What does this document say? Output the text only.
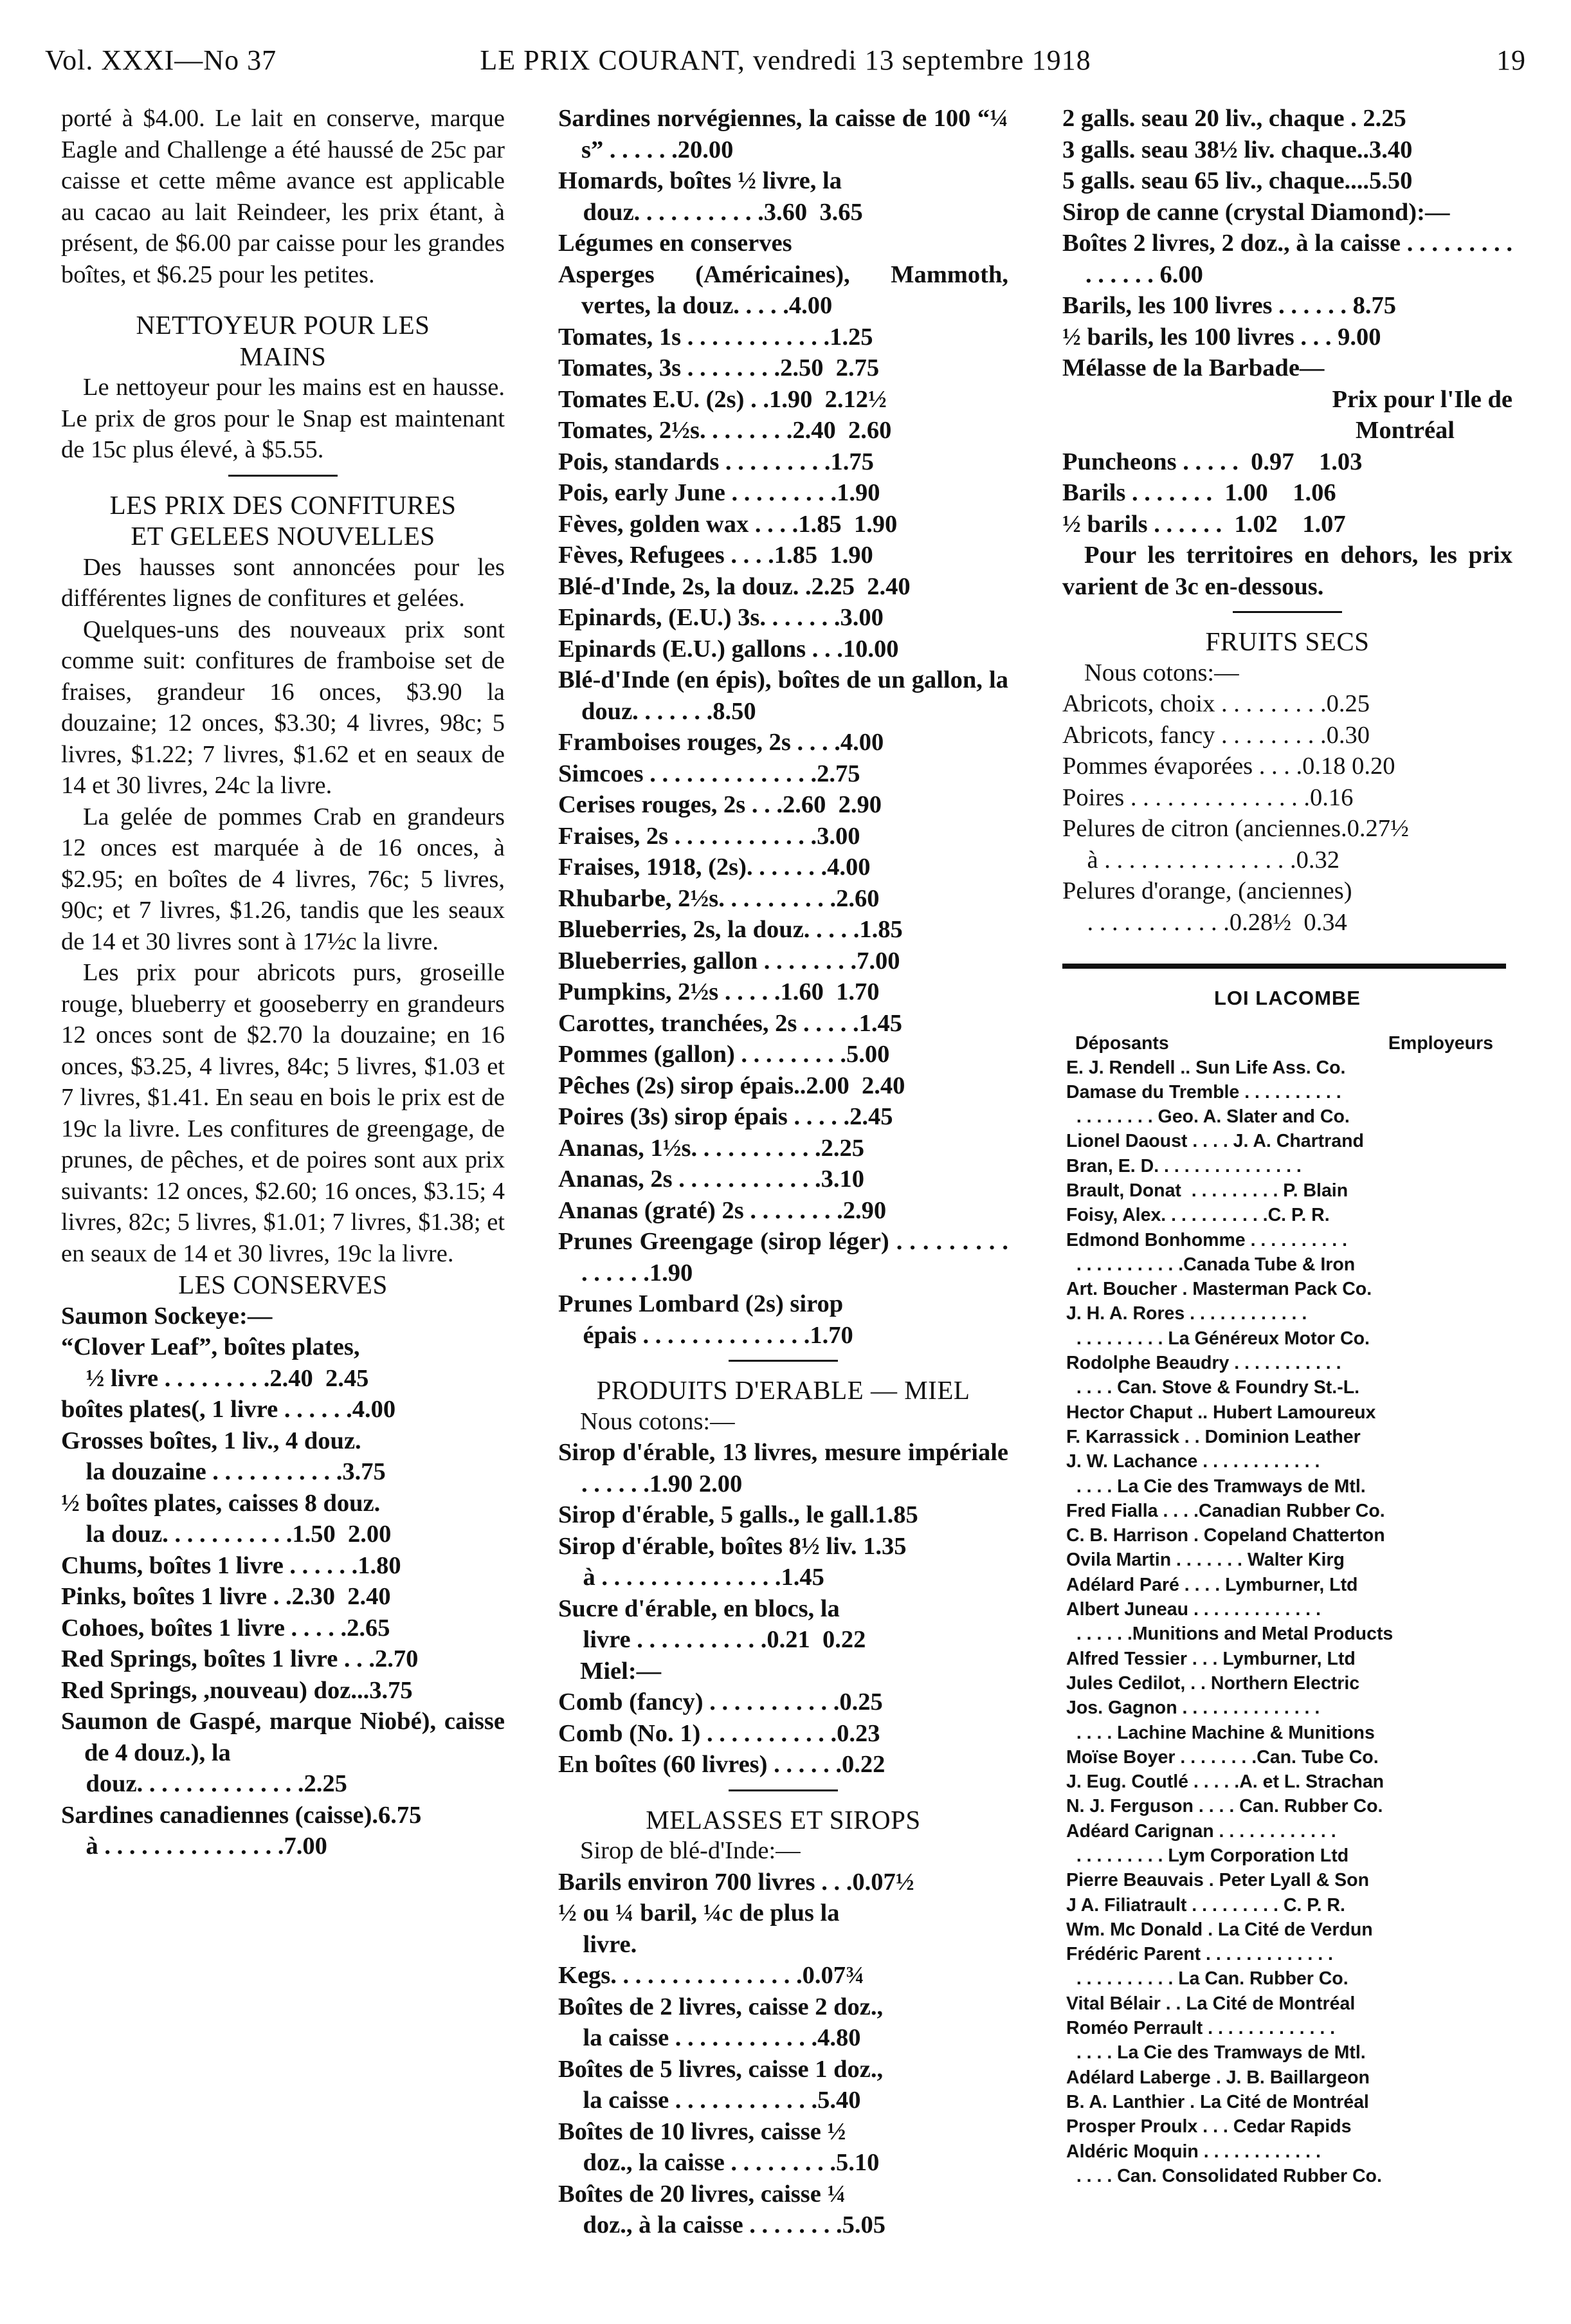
Vol. XXXI—No 37	LE PRIX COURANT, vendredi 13 septembre 1918	19

porté à $4.00. Le lait en conserve, marque Eagle and Challenge a été haussé de 25c par caisse et cette même avance est applicable au cacao au lait Reindeer, les prix étant, à présent, de $6.00 par caisse pour les grandes boîtes, et $6.25 pour les petites.

NETTOYEUR POUR LES

MAINS

Le nettoyeur pour les mains est en hausse. Le prix de gros pour le Snap est maintenant de 15c plus élevé, à $5.55.

LES PRIX DES CONFITURES

ET GELEES NOUVELLES

Des hausses sont annoncées pour les différentes lignes de confitures et gelées.

Quelques-uns des nouveaux prix sont comme suit: confitures de framboise set de fraises, grandeur 16 onces, $3.90 la douzaine; 12 onces, $3.30; 4 livres, 98c; 5 livres, $1.22; 7 livres, $1.62 et en seaux de 14 et 30 livres, 24c la livre.

La gelée de pommes Crab en grandeurs 12 onces est marquée à de 16 onces, à $2.95; en boîtes de 4 livres, 76c; 5 livres, 90c; et 7 livres, $1.26, tandis que les seaux de 14 et 30 livres sont à 17½c la livre.

Les prix pour abricots purs, groseille rouge, blueberry et gooseberry en grandeurs 12 onces sont de $2.70 la douzaine; en 16 onces, $3.25, 4 livres, 84c; 5 livres, $1.03 et 7 livres, $1.41. En seau en bois le prix est de 19c la livre. Les confitures de greengage, de prunes, de pêches, et de poires sont aux prix suivants: 12 onces, $2.60; 16 onces, $3.15; 4 livres, 82c; 5 livres, $1.01; 7 livres, $1.38; et en seaux de 14 et 30 livres, 19c la livre.

LES CONSERVES

Saumon Sockeye:—

“Clover Leaf”, boîtes plates,

½ livre . . . . . . . . .2.40  2.45

boîtes plates(, 1 livre . . . . . .4.00

Grosses boîtes, 1 liv., 4 douz.

la douzaine . . . . . . . . . . .3.75

½ boîtes plates, caisses 8 douz.

la douz. . . . . . . . . . .1.50  2.00

Chums, boîtes 1 livre . . . . . .1.80

Pinks, boîtes 1 livre . .2.30  2.40

Cohoes, boîtes 1 livre . . . . .2.65

Red Springs, boîtes 1 livre . . .2.70

Red Springs, ,nouveau) doz...3.75

Saumon de Gaspé, marque Niobé), caisse de 4 douz.), la

douz. . . . . . . . . . . . . .2.25

Sardines canadiennes (caisse).6.75

à . . . . . . . . . . . . . . .7.00

Sardines norvégiennes, la caisse de 100 “¼ s” . . . . . .20.00

Homards, boîtes ½ livre, la

douz. . . . . . . . . . .3.60  3.65

Légumes en conserves

Asperges (Américaines), Mammoth, vertes, la douz. . . . .4.00

Tomates, 1s . . . . . . . . . . . .1.25

Tomates, 3s . . . . . . . .2.50  2.75

Tomates E.U. (2s) . .1.90  2.12½

Tomates, 2½s. . . . . . . .2.40  2.60

Pois, standards . . . . . . . . .1.75

Pois, early June . . . . . . . . .1.90

Fèves, golden wax . . . .1.85  1.90

Fèves, Refugees . . . .1.85  1.90

Blé-d'Inde, 2s, la douz. .2.25  2.40

Epinards, (E.U.) 3s. . . . . . .3.00

Epinards (E.U.) gallons . . .10.00

Blé-d'Inde (en épis), boîtes de un gallon, la douz. . . . . . .8.50

Framboises rouges, 2s . . . .4.00

Simcoes . . . . . . . . . . . . . .2.75

Cerises rouges, 2s . . .2.60  2.90

Fraises, 2s . . . . . . . . . . . .3.00

Fraises, 1918, (2s). . . . . . .4.00

Rhubarbe, 2½s. . . . . . . . . .2.60

Blueberries, 2s, la douz. . . . .1.85

Blueberries, gallon . . . . . . . .7.00

Pumpkins, 2½s . . . . .1.60  1.70

Carottes, tranchées, 2s . . . . .1.45

Pommes (gallon) . . . . . . . . .5.00

Pêches (2s) sirop épais..2.00  2.40

Poires (3s) sirop épais . . . . .2.45

Ananas, 1½s. . . . . . . . . . .2.25

Ananas, 2s . . . . . . . . . . . .3.10

Ananas (graté) 2s . . . . . . . .2.90

Prunes Greengage (sirop léger) . . . . . . . . . . . . . . .1.90

Prunes Lombard (2s) sirop

épais . . . . . . . . . . . . . .1.70

PRODUITS D'ERABLE — MIEL

Nous cotons:—

Sirop d'érable, 13 livres, mesure impériale . . . . . .1.90 2.00

Sirop d'érable, 5 galls., le gall.1.85

Sirop d'érable, boîtes 8½ liv. 1.35

à . . . . . . . . . . . . . . .1.45

Sucre d'érable, en blocs, la

livre . . . . . . . . . . .0.21  0.22

Miel:—

Comb (fancy) . . . . . . . . . . .0.25

Comb (No. 1) . . . . . . . . . . .0.23

En boîtes (60 livres) . . . . . .0.22

MELASSES ET SIROPS

Sirop de blé-d'Inde:—

Barils environ 700 livres . . .0.07½

½ ou ¼ baril, ¼c de plus la

livre.

Kegs. . . . . . . . . . . . . . . .0.07¾

Boîtes de 2 livres, caisse 2 doz.,

la caisse . . . . . . . . . . . .4.80

Boîtes de 5 livres, caisse 1 doz.,

la caisse . . . . . . . . . . . .5.40

Boîtes de 10 livres, caisse ½

doz., la caisse . . . . . . . . .5.10

Boîtes de 20 livres, caisse ¼

doz., à la caisse . . . . . . . .5.05

2 galls. seau 20 liv., chaque . 2.25

3 galls. seau 38½ liv. chaque..3.40

5 galls. seau 65 liv., chaque....5.50

Sirop de canne (crystal Diamond):—

Boîtes 2 livres, 2 doz., à la caisse . . . . . . . . . . . . . . . 6.00

Barils, les 100 livres . . . . . . 8.75

½ barils, les 100 livres . . . 9.00

Mélasse de la Barbade—

Prix pour l'Ile de

Montréal

Puncheons . . . . .  0.97    1.03

Barils . . . . . . .  1.00    1.06

½ barils . . . . . .  1.02    1.07

Pour les territoires en dehors, les prix varient de 3c en-dessous.

FRUITS SECS

Nous cotons:—

Abricots, choix . . . . . . . . .0.25

Abricots, fancy . . . . . . . . .0.30

Pommes évaporées . . . .0.18 0.20

Poires . . . . . . . . . . . . . . .0.16

Pelures de citron (anciennes.0.27½

à . . . . . . . . . . . . . . . .0.32

Pelures d'orange, (anciennes)

. . . . . . . . . . . .0.28½  0.34

LOI LACOMBE

Déposants	Employeurs

E. J. Rendell .. Sun Life Ass. Co.

Damase du Tremble . . . . . . . . . .

. . . . . . . . Geo. A. Slater and Co.

Lionel Daoust . . . . J. A. Chartrand

Bran, E. D. . . . . . . . . . . . . . .

Brault, Donat  . . . . . . . . . P. Blain

Foisy, Alex. . . . . . . . . . .C. P. R.

Edmond Bonhomme . . . . . . . . . .

. . . . . . . . . . .Canada Tube & Iron

Art. Boucher . Masterman Pack Co.

J. H. A. Rores . . . . . . . . . . . .

. . . . . . . . . La Généreux Motor Co.

Rodolphe Beaudry . . . . . . . . . . .

. . . . Can. Stove & Foundry St.-L.

Hector Chaput .. Hubert Lamoureux

F. Karrassick . . Dominion Leather

J. W. Lachance . . . . . . . . . . . .

. . . . La Cie des Tramways de Mtl.

Fred Fialla . . . .Canadian Rubber Co.

C. B. Harrison . Copeland Chatterton

Ovila Martin . . . . . . . Walter Kirg

Adélard Paré . . . . Lymburner, Ltd

Albert Juneau . . . . . . . . . . . . .

. . . . . .Munitions and Metal Products

Alfred Tessier . . . Lymburner, Ltd

Jules Cedilot, . . Northern Electric

Jos. Gagnon . . . . . . . . . . . . . .

. . . . Lachine Machine & Munitions

Moïse Boyer . . . . . . . .Can. Tube Co.

J. Eug. Coutlé . . . . .A. et L. Strachan

N. J. Ferguson . . . . Can. Rubber Co.

Adéard Carignan . . . . . . . . . . . .

. . . . . . . . . Lym Corporation Ltd

Pierre Beauvais . Peter Lyall & Son

J A. Filiatrault . . . . . . . . . C. P. R.

Wm. Mc Donald . La Cité de Verdun

Frédéric Parent . . . . . . . . . . . . .

. . . . . . . . . . La Can. Rubber Co.

Vital Bélair . . La Cité de Montréal

Roméo Perrault . . . . . . . . . . . . .

. . . . La Cie des Tramways de Mtl.

Adélard Laberge . J. B. Baillargeon

B. A. Lanthier . La Cité de Montréal

Prosper Proulx . . . Cedar Rapids

Aldéric Moquin . . . . . . . . . . . .

. . . . Can. Consolidated Rubber Co.
